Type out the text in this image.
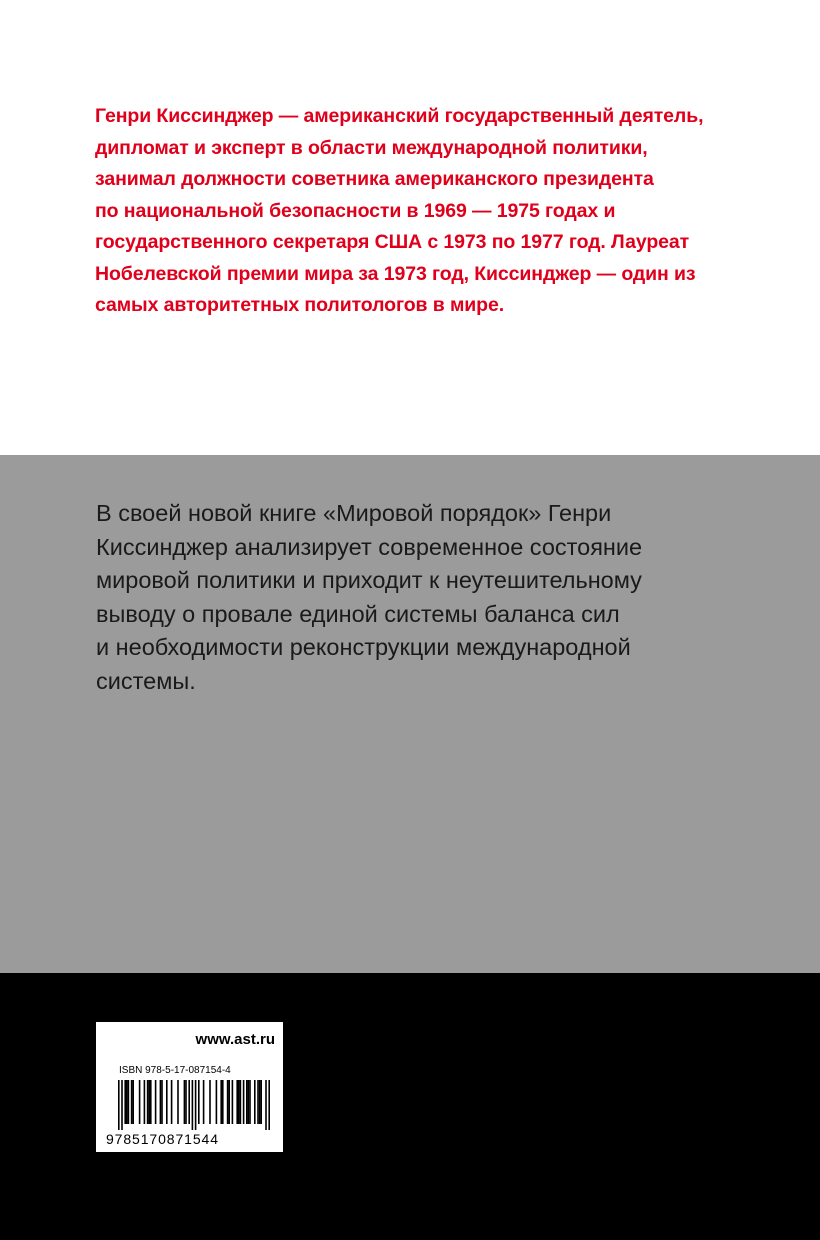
Генри Киссинджер — американский государственный деятель,
дипломат и эксперт в области международной политики,
занимал должности советника американского президента
по национальной безопасности в 1969 — 1975 годах и
государственного секретаря США с 1973 по 1977 год. Лауреат
Нобелевской премии мира за 1973 год, Киссинджер — один из
самых авторитетных политологов в мире.

В своей новой книге «Мировой порядок» Генри
Киссинджер анализирует современное состояние
мировой политики и приходит к неутешительному
выводу о провале единой системы баланса сил
и необходимости реконструкции международной
системы.

www.ast.ru
ISBN 978-5-17-087154-4
9785170871544
